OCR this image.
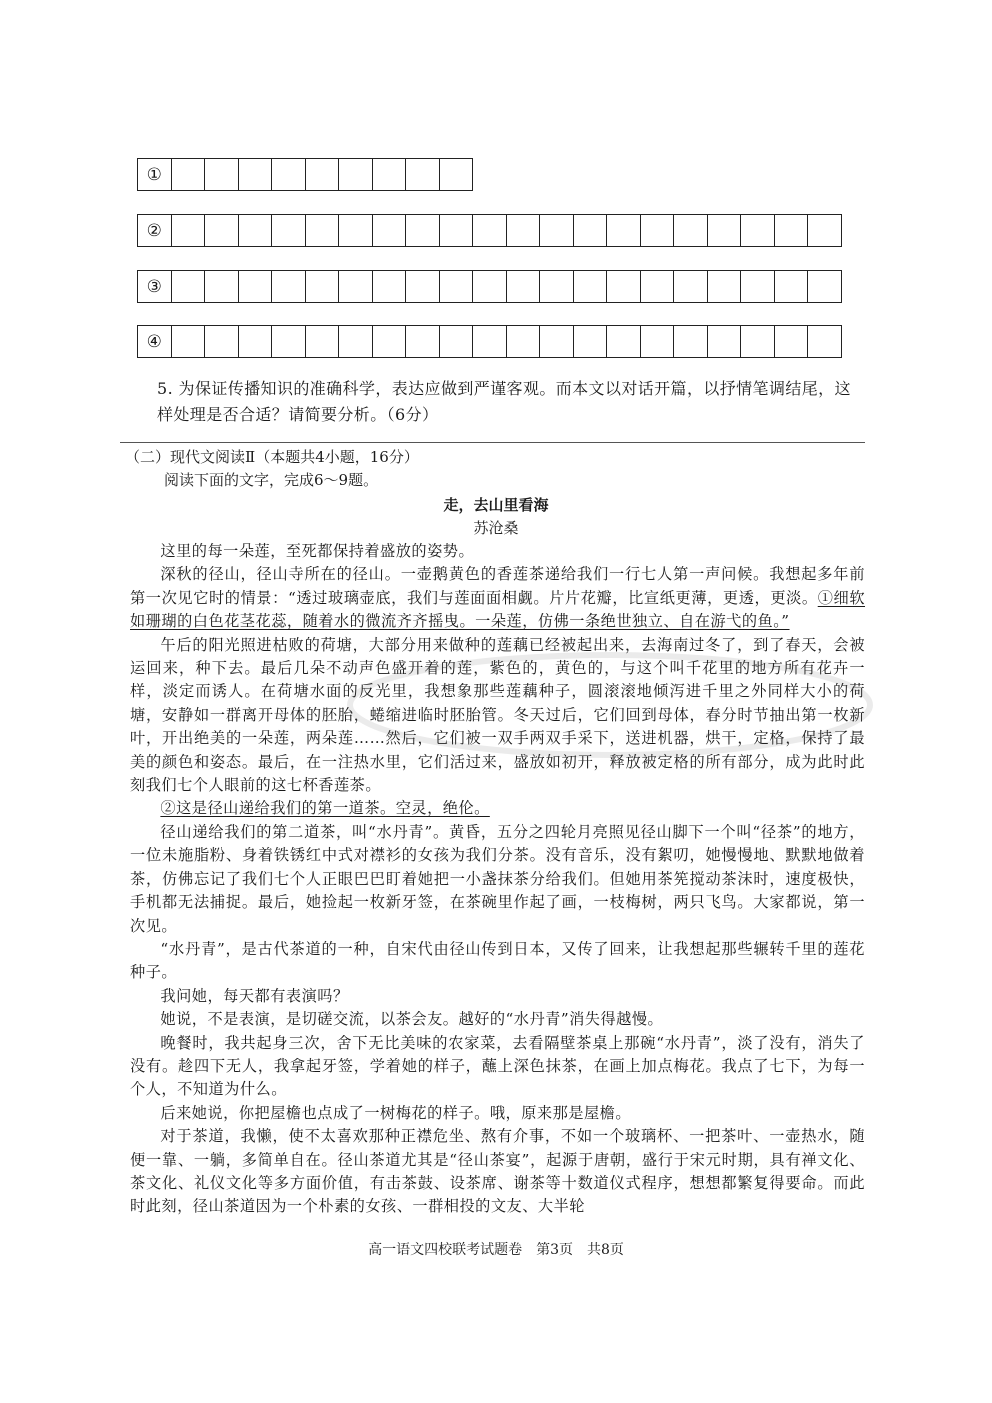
①
②
③
④
5. 为保证传播知识的准确科学，表达应做到严谨客观。而本文以对话开篇，以抒情笔调结尾，这样处理是否合适？请简要分析。（6分）
（二）现代文阅读Ⅱ（本题共4小题，16分）
阅读下面的文字，完成6～9题。
走，去山里看海
苏沧桑

这里的每一朵莲，至死都保持着盛放的姿势。

深秋的径山，径山寺所在的径山。一壶鹅黄色的香莲茶递给我们一行七人第一声问候。我想起多年前第一次见它时的情景：“透过玻璃壶底，我们与莲面面相觑。片片花瓣，比宣纸更薄，更透，更淡。①细软如珊瑚的白色花茎花蕊，随着水的微流齐齐摇曳。一朵莲，仿佛一条绝世独立、自在游弋的鱼。”

午后的阳光照进枯败的荷塘，大部分用来做种的莲藕已经被起出来，去海南过冬了，到了春天，会被运回来，种下去。最后几朵不动声色盛开着的莲，紫色的，黄色的，与这个叫千花里的地方所有花卉一样，淡定而诱人。在荷塘水面的反光里，我想象那些莲藕种子，圆滚滚地倾泻进千里之外同样大小的荷塘，安静如一群离开母体的胚胎，蜷缩进临时胚胎管。冬天过后，它们回到母体，春分时节抽出第一枚新叶，开出绝美的一朵莲，两朵莲……然后，它们被一双手两双手采下，送进机器，烘干，定格，保持了最美的颜色和姿态。最后，在一注热水里，它们活过来，盛放如初开，释放被定格的所有部分，成为此时此刻我们七个人眼前的这七杯香莲茶。

②这是径山递给我们的第一道茶。空灵，绝伦。

径山递给我们的第二道茶，叫“水丹青”。黄昏，五分之四轮月亮照见径山脚下一个叫“径茶”的地方，一位未施脂粉、身着铁锈红中式对襟衫的女孩为我们分茶。没有音乐，没有絮叨，她慢慢地、默默地做着茶，仿佛忘记了我们七个人正眼巴巴盯着她把一小盏抹茶分给我们。但她用茶筅搅动茶沫时，速度极快，手机都无法捕捉。最后，她捡起一枚新牙签，在茶碗里作起了画，一枝梅树，两只飞鸟。大家都说，第一次见。

“水丹青”，是古代茶道的一种，自宋代由径山传到日本，又传了回来，让我想起那些辗转千里的莲花种子。

我问她，每天都有表演吗？

她说，不是表演，是切磋交流，以茶会友。越好的“水丹青”消失得越慢。

晚餐时，我共起身三次，舍下无比美味的农家菜，去看隔壁茶桌上那碗“水丹青”，淡了没有，消失了没有。趁四下无人，我拿起牙签，学着她的样子，蘸上深色抹茶，在画上加点梅花。我点了七下，为每一个人，不知道为什么。

后来她说，你把屋檐也点成了一树梅花的样子。哦，原来那是屋檐。

对于茶道，我懒，使不太喜欢那种正襟危坐、熬有介事，不如一个玻璃杯、一把茶叶、一壶热水，随便一靠、一躺，多简单自在。径山茶道尤其是“径山茶宴”，起源于唐朝，盛行于宋元时期，具有禅文化、茶文化、礼仪文化等多方面价值，有击茶鼓、设茶席、谢茶等十数道仪式程序，想想都繁复得要命。而此时此刻，径山茶道因为一个朴素的女孩、一群相投的文友、大半轮

高一语文四校联考试题卷　第3页　共8页
